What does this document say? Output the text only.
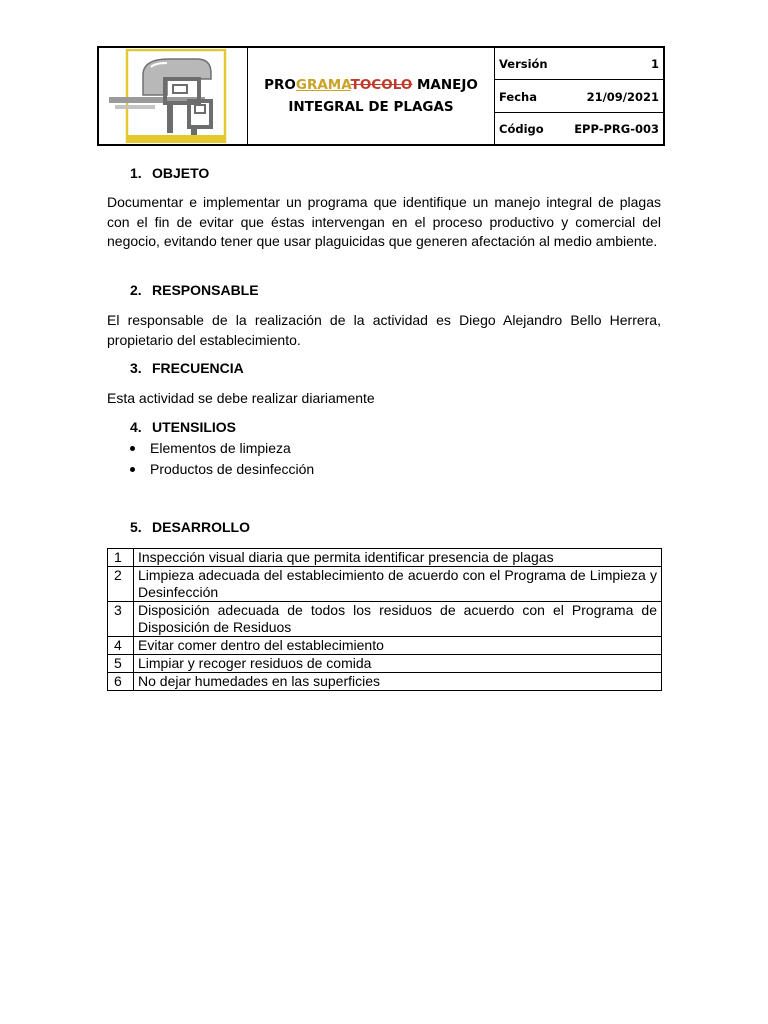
PROGRAMATOCOLO MANEJO
INTEGRAL DE PLAGAS
Versión	1
Fecha	21/09/2021
Código	EPP-PRG-003
1. OBJETO
Documentar e implementar un programa que identifique un manejo integral de plagas con el fin de evitar que éstas intervengan en el proceso productivo y comercial del negocio, evitando tener que usar plaguicidas que generen afectación al medio ambiente.
2. RESPONSABLE
El responsable de la realización de la actividad es Diego Alejandro Bello Herrera, propietario del establecimiento.
3. FRECUENCIA
Esta actividad se debe realizar diariamente
4. UTENSILIOS
Elementos de limpieza
Productos de desinfección
5. DESARROLLO
1	Inspección visual diaria que permita identificar presencia de plagas
2	Limpieza adecuada del establecimiento de acuerdo con el Programa de Limpieza y Desinfección
3	Disposición adecuada de todos los residuos de acuerdo con el Programa de Disposición de Residuos
4	Evitar comer dentro del establecimiento
5	Limpiar y recoger residuos de comida
6	No dejar humedades en las superficies
